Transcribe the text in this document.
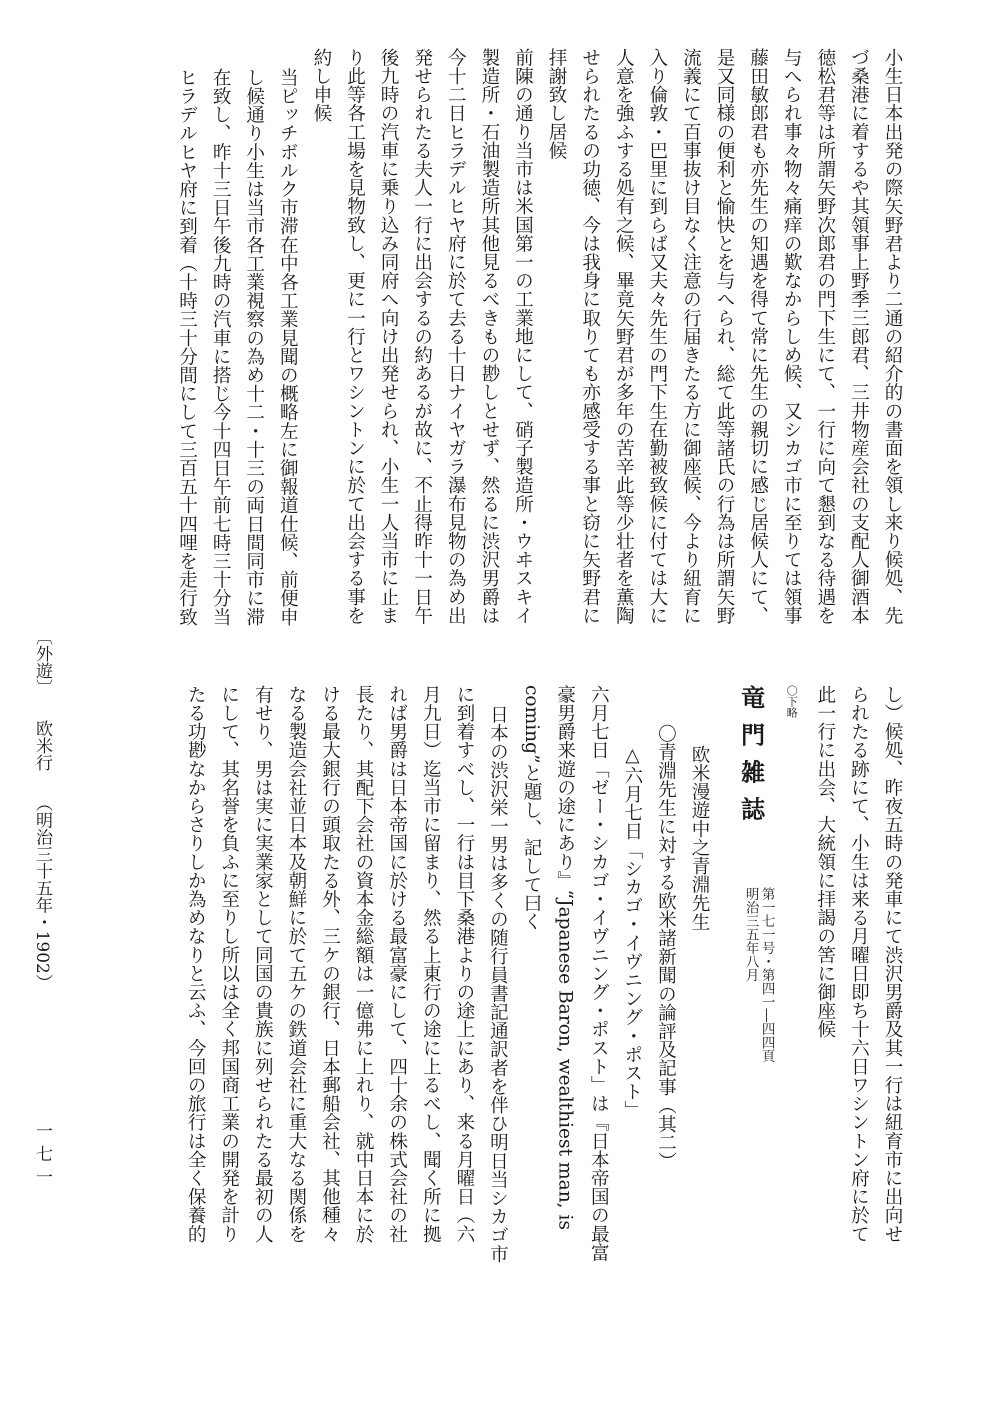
小生日本出発の際矢野君より二通の紹介的の書面を領し来り候処、先
づ桑港に着するや其領事上野季三郎君、三井物産会社の支配人御酒本
徳松君等は所謂矢野次郎君の門下生にて、一行に向て懇到なる待遇を
与へられ事々物々痛痒の歎なからしめ候、又シカゴ市に至りては領事
藤田敏郎君も亦先生の知遇を得て常に先生の親切に感じ居候人にて、
是又同様の便利と愉快とを与へられ、総て此等諸氏の行為は所謂矢野
流義にて百事抜け目なく注意の行届きたる方に御座候、今より紐育に
入り倫敦・巴里に到らば又夫々先生の門下生在勤被致候に付ては大に
人意を強ふする処有之候、畢竟矢野君が多年の苦辛此等少壮者を薫陶
せられたるの功徳、今は我身に取りても亦感受する事と窃に矢野君に
拝謝致し居候
前陳の通り当市は米国第一の工業地にして、硝子製造所・ウヰスキイ
製造所・石油製造所其他見るべきもの尠しとせず、然るに渋沢男爵は
今十二日ヒラデルヒヤ府に於て去る十日ナイヤガラ瀑布見物の為め出
発せられたる夫人一行に出会するの約あるが故に、不止得昨十一日午
後九時の汽車に乗り込み同府へ向け出発せられ、小生一人当市に止ま
り此等各工場を見物致し、更に一行とワシントンに於て出会する事を
約し申候
当ピッチボルク市滞在中各工業見聞の概略左に御報道仕候、前便申
し候通り小生は当市各工業視察の為め十二・十三の両日間同市に滞
在致し、昨十三日午後九時の汽車に搭じ今十四日午前七時三十分当
ヒラデルヒヤ府に到着（十時三十分間にして三百五十四哩を走行致
し）候処、昨夜五時の発車にて渋沢男爵及其一行は紐育市に出向せ
られたる跡にて、小生は来る月曜日即ち十六日ワシントン府に於て
此一行に出会、大統領に拝謁の筈に御座候
〇下略
竜門雑誌
第一七一号・第四一―四四頁
明治三五年八月
欧米漫遊中之青淵先生
〇青淵先生に対する欧米諸新聞の論評及記事（其二）
△六月七日「シカゴ・イヴニング・ポスト」
六月七日「ゼー・シカゴ・イヴニング・ポスト」は『日本帝国の最富
豪男爵来遊の途にあり』“Japanese Baron, wealthiest man, is
coming”と題し、記して曰く
日本の渋沢栄一男は多くの随行員書記通訳者を伴ひ明日当シカゴ市
に到着すべし、一行は目下桑港よりの途上にあり、来る月曜日（六
月九日）迄当市に留まり、然る上東行の途に上るべし、聞く所に拠
れば男爵は日本帝国に於ける最富豪にして、四十余の株式会社の社
長たり、其配下会社の資本金総額は一億弗に上れり、就中日本に於
ける最大銀行の頭取たる外、三ケの銀行、日本郵船会社、其他種々
なる製造会社並日本及朝鮮に於て五ケの鉄道会社に重大なる関係を
有せり、男は実に実業家として同国の貴族に列せられたる最初の人
にして、其名誉を負ふに至りし所以は全く邦国商工業の開発を計り
たる功尠なからさりしか為めなりと云ふ、今回の旅行は全く保養的
〔外遊〕欧米行（明治三十五年・1902）
一七一
